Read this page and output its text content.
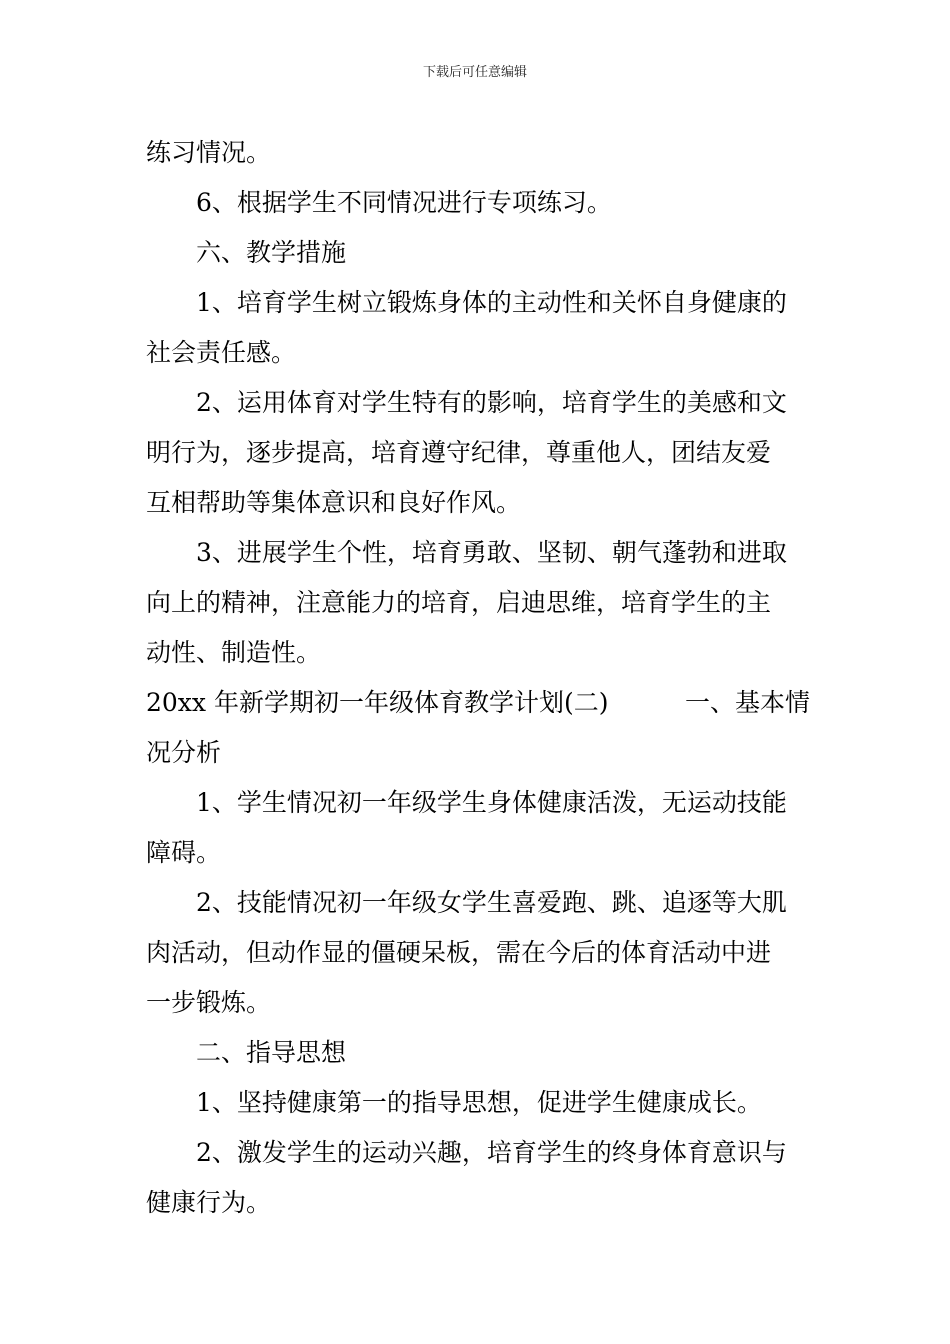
下载后可任意编辑
练习情况。
6、根据学生不同情况进行专项练习。
六、教学措施
1、培育学生树立锻炼身体的主动性和关怀自身健康的
社会责任感。
2、运用体育对学生特有的影响，培育学生的美感和文
明行为，逐步提高，培育遵守纪律，尊重他人，团结友爱
互相帮助等集体意识和良好作风。
3、进展学生个性，培育勇敢、坚韧、朝气蓬勃和进取
向上的精神，注意能力的培育，启迪思维，培育学生的主
动性、制造性。
20xx 年新学期初一年级体育教学计划(二)	一、基本情
况分析
1、学生情况初一年级学生身体健康活泼，无运动技能
障碍。
2、技能情况初一年级女学生喜爱跑、跳、追逐等大肌
肉活动，但动作显的僵硬呆板，需在今后的体育活动中进
一步锻炼。
二、指导思想
1、坚持健康第一的指导思想，促进学生健康成长。
2、激发学生的运动兴趣，培育学生的终身体育意识与
健康行为。
